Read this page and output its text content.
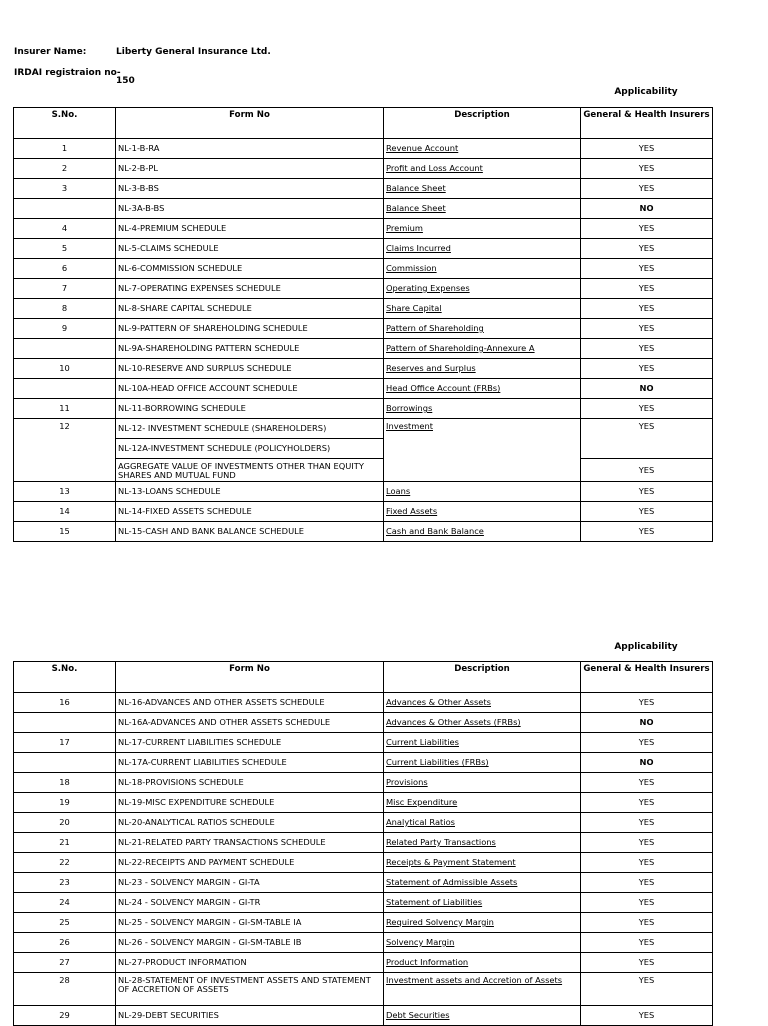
Insurer Name:	Liberty General Insurance Ltd.
IRDAI registraion no-
150
Applicability
S.No.	Form No	Description	General & Health Insurers
1	NL-1-B-RA	Revenue Account	YES
2	NL-2-B-PL	Profit and Loss Account	YES
3	NL-3-B-BS	Balance Sheet	YES
	NL-3A-B-BS	Balance Sheet	NO
4	NL-4-PREMIUM SCHEDULE	Premium	YES
5	NL-5-CLAIMS SCHEDULE	Claims Incurred	YES
6	NL-6-COMMISSION SCHEDULE	Commission	YES
7	NL-7-OPERATING EXPENSES SCHEDULE	Operating Expenses	YES
8	NL-8-SHARE CAPITAL SCHEDULE	Share Capital	YES
9	NL-9-PATTERN OF SHAREHOLDING SCHEDULE	Pattern of Shareholding	YES
	NL-9A-SHAREHOLDING PATTERN SCHEDULE	Pattern of Shareholding-Annexure A	YES
10	NL-10-RESERVE AND SURPLUS SCHEDULE	Reserves and Surplus	YES
	NL-10A-HEAD OFFICE ACCOUNT SCHEDULE	Head Office Account (FRBs)	NO
11	NL-11-BORROWING SCHEDULE	Borrowings	YES
12	NL-12- INVESTMENT SCHEDULE (SHAREHOLDERS)	Investment	YES
	NL-12A-INVESTMENT SCHEDULE (POLICYHOLDERS)		
	AGGREGATE VALUE OF INVESTMENTS OTHER THAN EQUITY SHARES AND MUTUAL FUND		YES
13	NL-13-LOANS SCHEDULE	Loans	YES
14	NL-14-FIXED ASSETS SCHEDULE	Fixed Assets	YES
15	NL-15-CASH AND BANK BALANCE SCHEDULE	Cash and Bank Balance	YES
Applicability
S.No.	Form No	Description	General & Health Insurers
16	NL-16-ADVANCES AND OTHER ASSETS SCHEDULE	Advances & Other Assets	YES
	NL-16A-ADVANCES AND OTHER ASSETS SCHEDULE	Advances & Other Assets (FRBs)	NO
17	NL-17-CURRENT LIABILITIES SCHEDULE	Current Liabilities	YES
	NL-17A-CURRENT LIABILITIES SCHEDULE	Current Liabilities (FRBs)	NO
18	NL-18-PROVISIONS SCHEDULE	Provisions	YES
19	NL-19-MISC EXPENDITURE SCHEDULE	Misc Expenditure	YES
20	NL-20-ANALYTICAL RATIOS SCHEDULE	Analytical Ratios	YES
21	NL-21-RELATED PARTY TRANSACTIONS SCHEDULE	Related Party Transactions	YES
22	NL-22-RECEIPTS AND PAYMENT SCHEDULE	Receipts & Payment Statement	YES
23	NL-23 - SOLVENCY MARGIN - GI-TA	Statement of Admissible Assets	YES
24	NL-24 - SOLVENCY MARGIN - GI-TR	Statement of Liabilities	YES
25	NL-25 - SOLVENCY MARGIN - GI-SM-TABLE IA	Required Solvency Margin	YES
26	NL-26 - SOLVENCY MARGIN - GI-SM-TABLE IB	Solvency Margin	YES
27	NL-27-PRODUCT INFORMATION	Product Information	YES
28	NL-28-STATEMENT OF INVESTMENT ASSETS AND STATEMENT OF ACCRETION OF ASSETS	Investment assets and Accretion of Assets	YES
29	NL-29-DEBT SECURITIES	Debt Securities	YES
